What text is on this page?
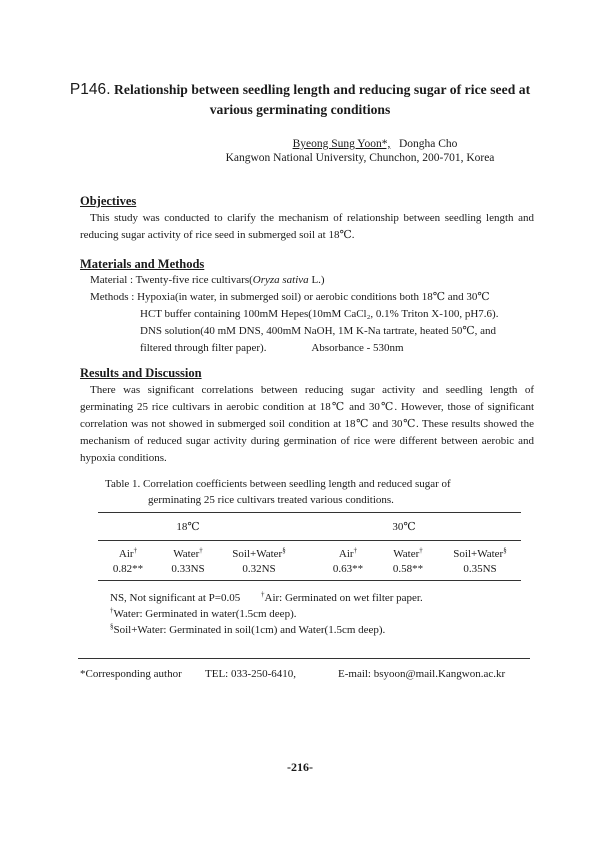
P146. Relationship between seedling length and reducing sugar of rice seed at
various germinating conditions
Byeong Sung Yoon*, Dongha Cho
Kangwon National University, Chunchon, 200-701, Korea
Objectives

This study was conducted to clarify the mechanism of relationship between seedling length and reducing sugar activity of rice seed in submerged soil at 18℃.

Materials and Methods
Material : Twenty-five rice cultivars(Oryza sativa L.)
Methods : Hypoxia(in water, in submerged soil) or aerobic conditions both 18℃ and 30℃
HCT buffer containing 100mM Hepes(10mM CaCl₂, 0.1% Triton X-100, pH7.6).
DNS solution(40 mM DNS, 400mM NaOH, 1M K-Na tartrate, heated 50℃, and
filtered through filter paper).	Absorbance - 530nm
Results and Discussion

There was significant correlations between reducing sugar activity and seedling length of germinating 25 rice cultivars in aerobic condition at 18℃ and 30℃. However, those of significant correlation was not showed in submerged soil condition at 18℃ and 30℃. These results showed the mechanism of reduced sugar activity during germination of rice were different between aerobic and hypoxia conditions.

Table 1. Correlation coefficients between seedling length and reduced sugar of
germinating 25 rice cultivars treated various conditions.
18℃	30℃
Air†	Water†	Soil+Water§	Air†	Water†	Soil+Water§
0.82**	0.33NS	0.32NS	0.63**	0.58**	0.35NS
NS, Not significant at P=0.05	†Air: Germinated on wet filter paper.
†Water: Germinated in water(1.5cm deep).
§Soil+Water: Germinated in soil(1cm) and Water(1.5cm deep).
*Corresponding author TEL: 033-250-6410,	E-mail: bsyoon@mail.Kangwon.ac.kr
-216-
